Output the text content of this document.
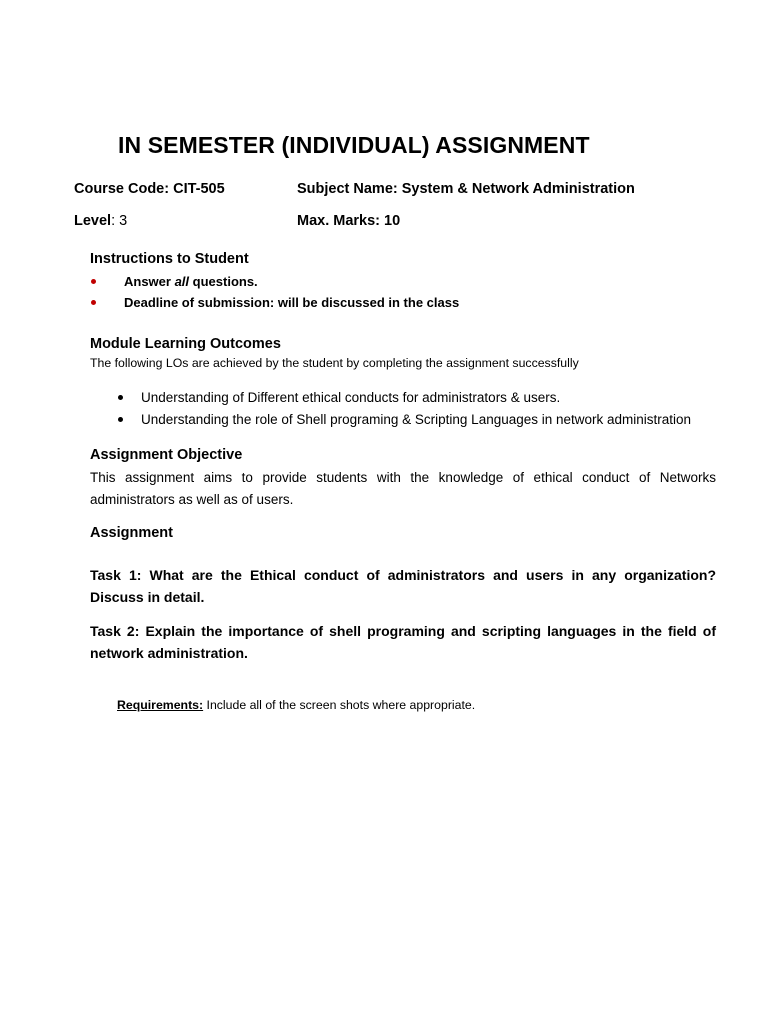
IN SEMESTER (INDIVIDUAL) ASSIGNMENT
Course Code: CIT-505	Subject Name: System & Network Administration
Level: 3	Max. Marks: 10
Instructions to Student
Answer all questions.
Deadline of submission: will be discussed in the class
Module Learning Outcomes
The following LOs are achieved by the student by completing the assignment successfully
Understanding of Different ethical conducts for administrators & users.
Understanding the role of Shell programing & Scripting Languages in network administration
Assignment Objective
This assignment aims to provide students with the knowledge of ethical conduct of Networks administrators as well as of users.
Assignment
Task 1: What are the Ethical conduct of administrators and users in any organization? Discuss in detail.
Task 2: Explain the importance of shell programing and scripting languages in the field of network administration.
Requirements: Include all of the screen shots where appropriate.
